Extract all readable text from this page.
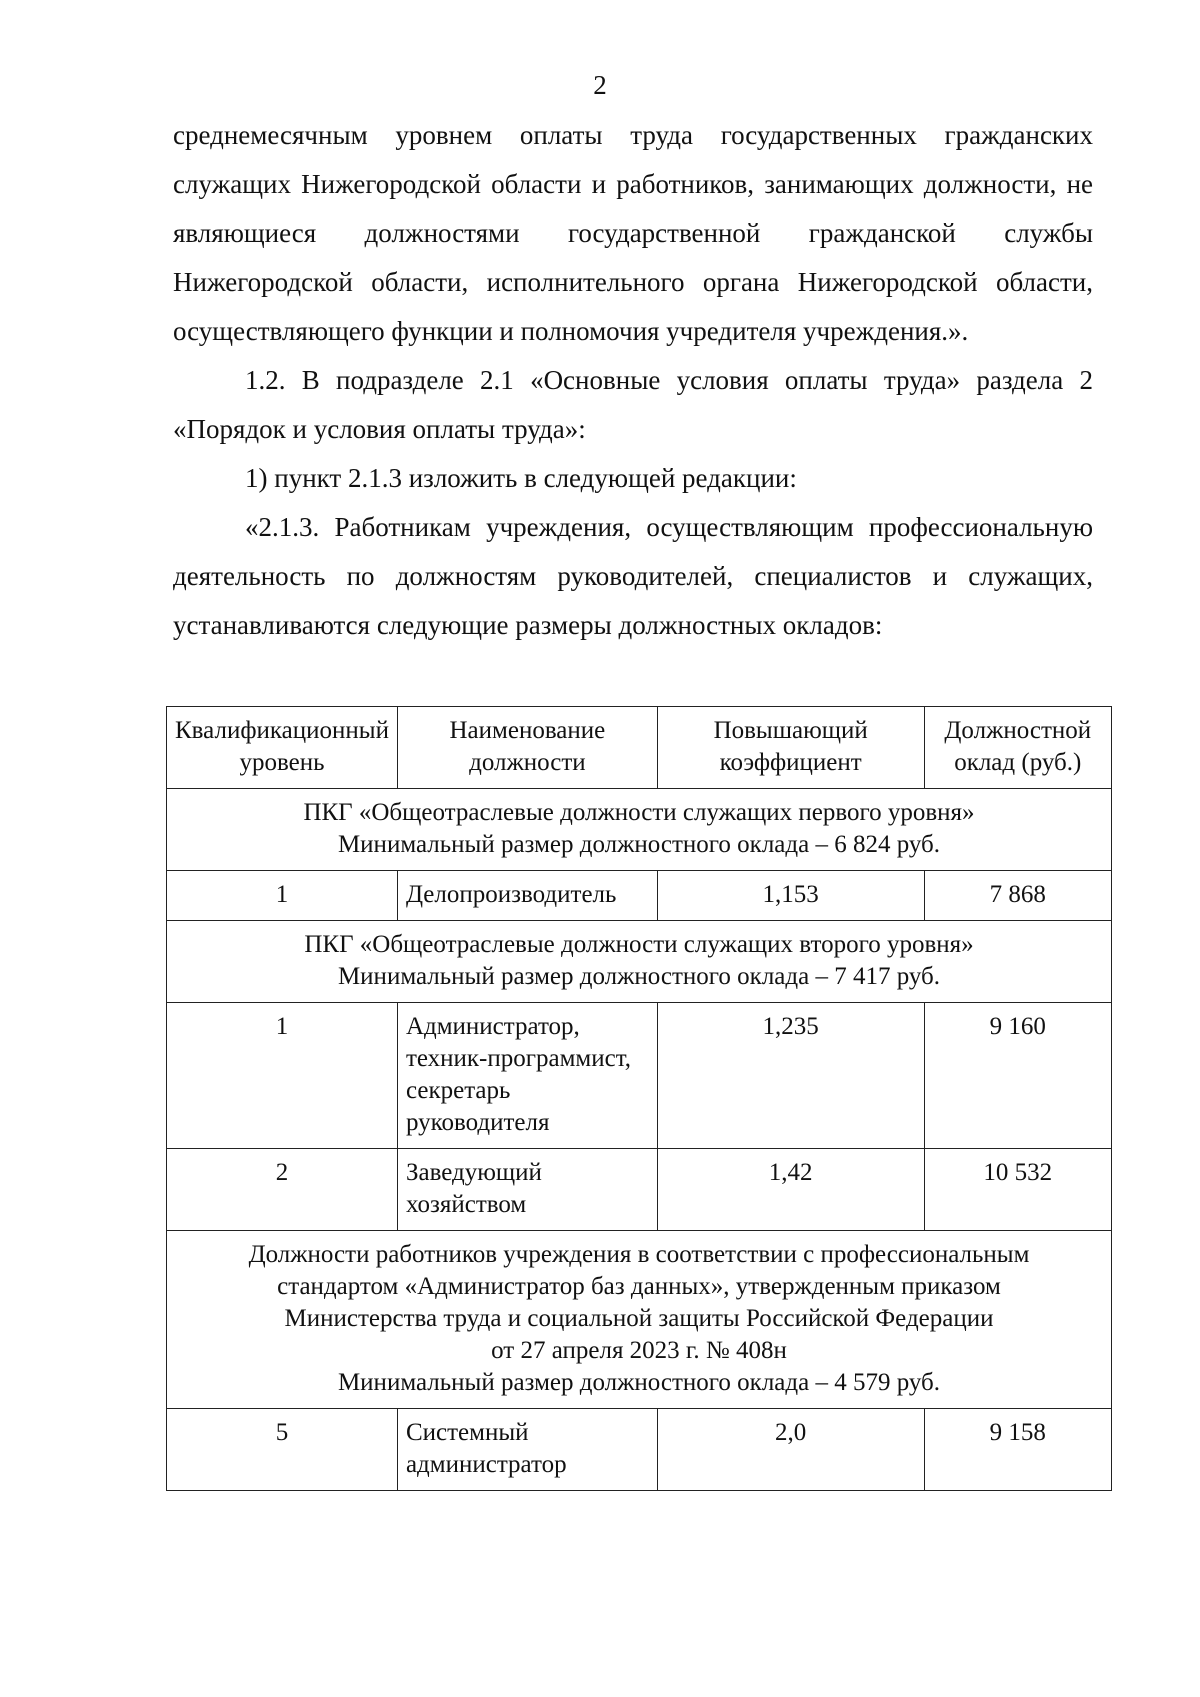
2

среднемесячным уровнем оплаты труда государственных гражданских служащих Нижегородской области и работников, занимающих должности, не являющиеся должностями государственной гражданской службы Нижегородской области, исполнительного органа Нижегородской области, осуществляющего функции и полномочия учредителя учреждения.».

1.2. В подразделе 2.1 «Основные условия оплаты труда» раздела 2 «Порядок и условия оплаты труда»:

1) пункт 2.1.3 изложить в следующей редакции:

«2.1.3. Работникам учреждения, осуществляющим профессиональную деятельность по должностям руководителей, специалистов и служащих, устанавливаются следующие размеры должностных окладов:

Квалификационный уровень	Наименование должности	Повышающий коэффициент	Должностной оклад (руб.)

ПКГ «Общеотраслевые должности служащих первого уровня»
Минимальный размер должностного оклада – 6 824 руб.			

1	Делопроизводитель	1,153	7 868

ПКГ «Общеотраслевые должности служащих второго уровня»
Минимальный размер должностного оклада – 7 417 руб.			

1	Администратор, техник-программист, секретарь руководителя	1,235	9 160
2	Заведующий хозяйством	1,42	10 532

Должности работников учреждения в соответствии с профессиональным
стандартом «Администратор баз данных», утвержденным приказом
Министерства труда и социальной защиты Российской Федерации
от 27 апреля 2023 г. № 408н
Минимальный размер должностного оклада – 4 579 руб.			

5	Системный администратор	2,0	9 158
